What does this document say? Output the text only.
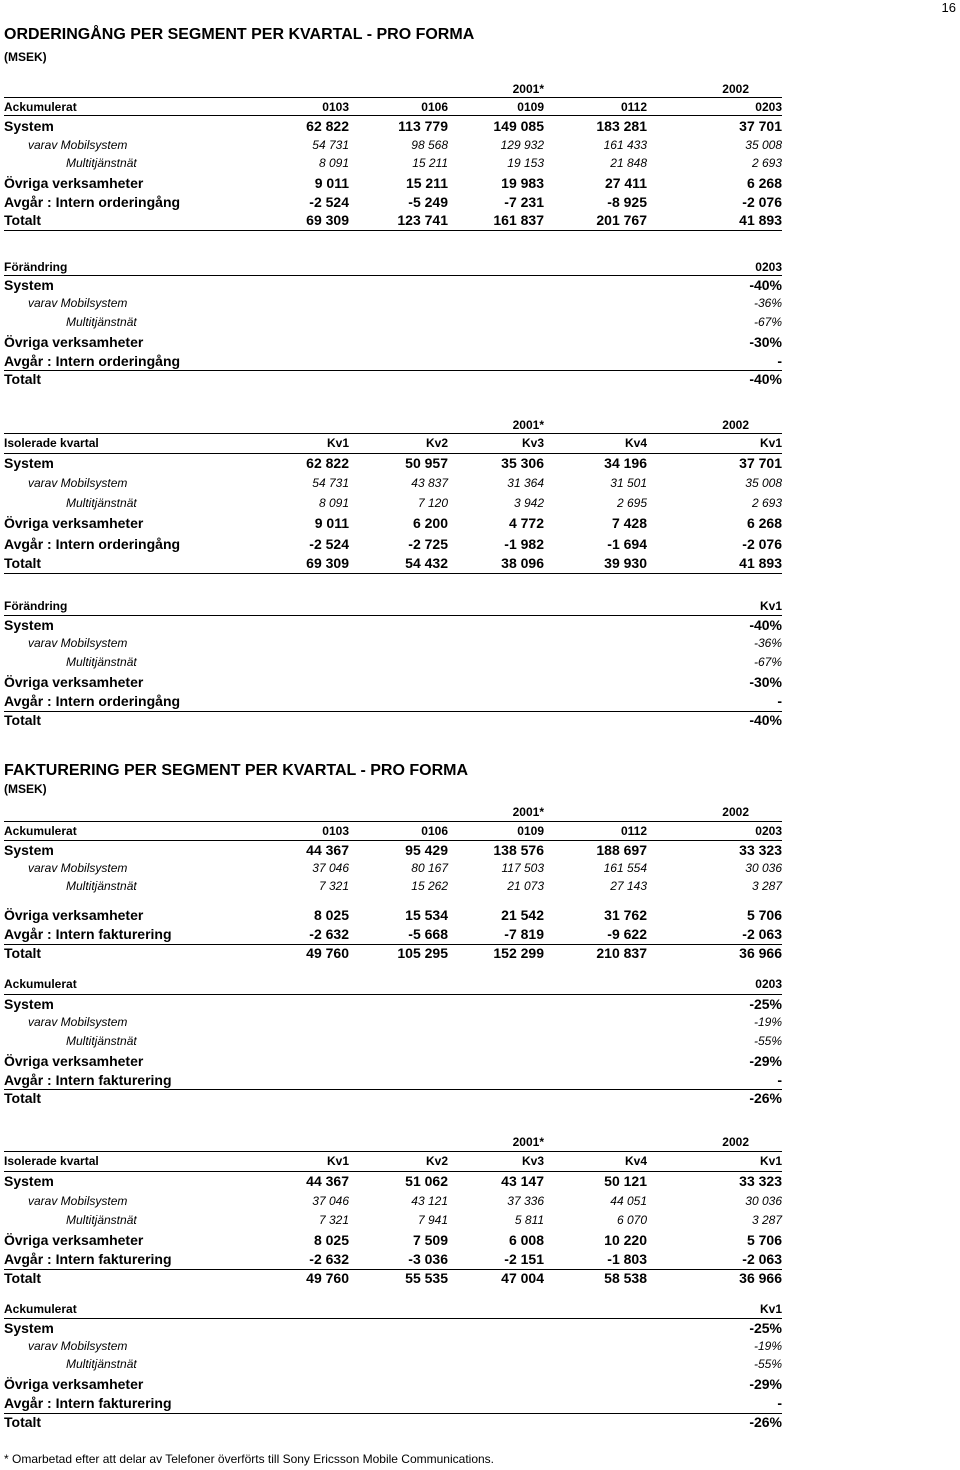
16
ORDERINGÅNG PER SEGMENT PER KVARTAL - PRO FORMA
(MSEK)
FAKTURERING PER SEGMENT PER KVARTAL - PRO FORMA
(MSEK)
2001*	2002
Ackumulerat	0103	0106	0109	0112	0203
System	62 822	113 779	149 085	183 281	37 701
varav Mobilsystem	54 731	98 568	129 932	161 433	35 008
Multitjänstnät	8 091	15 211	19 153	21 848	2 693
Övriga verksamheter	9 011	15 211	19 983	27 411	6 268
Avgår : Intern orderingång	-2 524	-5 249	-7 231	-8 925	-2 076
Totalt	69 309	123 741	161 837	201 767	41 893
Förändring	0203
System	-40%
varav Mobilsystem	-36%
Multitjänstnät	-67%
Övriga verksamheter	-30%
Avgår : Intern orderingång	-
Totalt	-40%
2001*	2002
Isolerade kvartal	Kv1	Kv2	Kv3	Kv4	Kv1
System	62 822	50 957	35 306	34 196	37 701
varav Mobilsystem	54 731	43 837	31 364	31 501	35 008
Multitjänstnät	8 091	7 120	3 942	2 695	2 693
Övriga verksamheter	9 011	6 200	4 772	7 428	6 268
Avgår : Intern orderingång	-2 524	-2 725	-1 982	-1 694	-2 076
Totalt	69 309	54 432	38 096	39 930	41 893
Förändring	Kv1
System	-40%
varav Mobilsystem	-36%
Multitjänstnät	-67%
Övriga verksamheter	-30%
Avgår : Intern orderingång	-
Totalt	-40%
2001*	2002
Ackumulerat	0103	0106	0109	0112	0203
System	44 367	95 429	138 576	188 697	33 323
varav Mobilsystem	37 046	80 167	117 503	161 554	30 036
Multitjänstnät	7 321	15 262	21 073	27 143	3 287
Övriga verksamheter	8 025	15 534	21 542	31 762	5 706
Avgår : Intern fakturering	-2 632	-5 668	-7 819	-9 622	-2 063
Totalt	49 760	105 295	152 299	210 837	36 966
Ackumulerat	0203
System	-25%
varav Mobilsystem	-19%
Multitjänstnät	-55%
Övriga verksamheter	-29%
Avgår : Intern fakturering	-
Totalt	-26%
2001*	2002
Isolerade kvartal	Kv1	Kv2	Kv3	Kv4	Kv1
System	44 367	51 062	43 147	50 121	33 323
varav Mobilsystem	37 046	43 121	37 336	44 051	30 036
Multitjänstnät	7 321	7 941	5 811	6 070	3 287
Övriga verksamheter	8 025	7 509	6 008	10 220	5 706
Avgår : Intern fakturering	-2 632	-3 036	-2 151	-1 803	-2 063
Totalt	49 760	55 535	47 004	58 538	36 966
Ackumulerat	Kv1
System	-25%
varav Mobilsystem	-19%
Multitjänstnät	-55%
Övriga verksamheter	-29%
Avgår : Intern fakturering	-
Totalt	-26%
* Omarbetad efter att delar av Telefoner överförts till Sony Ericsson Mobile Communications.
